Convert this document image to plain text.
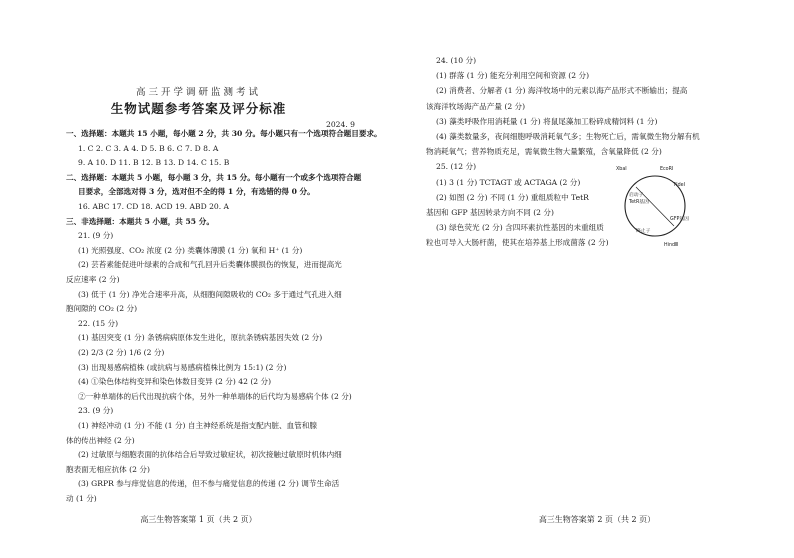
高三开学调研监测考试
生物试题参考答案及评分标准
2024. 9
一、选择题：本题共 15 小题，每小题 2 分，共 30 分。每小题只有一个选项符合题目要求。
1. C 2. C 3. A 4. D 5. B 6. C 7. D 8. A
9. A 10. D 11. B 12. B 13. D 14. C 15. B
二、选择题：本题共 5 小题，每小题 3 分，共 15 分。每小题有一个或多个选项符合题
目要求，全部选对得 3 分，选对但不全的得 1 分，有选错的得 0 分。
16. ABC 17. CD 18. ACD 19. ABD 20. A
三、非选择题：本题共 5 小题，共 55 分。
21. (9 分)
(1) 光照强度、CO₂ 浓度 (2 分) 类囊体薄膜 (1 分) 氧和 H⁺ (1 分)
(2) 芸苔素能促进叶绿素的合成和气孔回升后类囊体膜损伤的恢复，进而提高光
反应速率 (2 分)
(3) 低于 (1 分) 净光合速率升高，从细胞间隙吸收的 CO₂ 多于通过气孔进入细
胞间隙的 CO₂ (2 分)
22. (15 分)
(1) 基因突变 (1 分) 条锈病病原体发生进化，原抗条锈病基因失效 (2 分)
(2) 2/3 (2 分) 1/6 (2 分)
(3) 出现易感病植株 (或抗病与易感病植株比例为 15:1) (2 分)
(4) ①染色体结构变异和染色体数目变异 (2 分) 42 (2 分)
②一种单端体的后代出现抗病个体，另外一种单端体的后代均为易感病个体 (2 分)
23. (9 分)
(1) 神经冲动 (1 分) 不能 (1 分) 自主神经系统是指支配内脏、血管和腺
体的传出神经 (2 分)
(2) 过敏原与细胞表面的抗体结合后导致过敏症状，初次接触过敏原时机体内细
胞表面无相应抗体 (2 分)
(3) GRPR 参与痒觉信息的传递，但不参与痛觉信息的传递 (2 分) 调节生命活
动 (1 分)
高三生物答案第 1 页（共 2 页）
24. (10 分)
(1) 群落 (1 分) 能充分利用空间和资源 (2 分)
(2) 消费者、分解者 (1 分) 海洋牧场中的元素以海产品形式不断输出；提高
该海洋牧场海产品产量 (2 分)
(3) 藻类呼吸作用消耗量 (1 分) 将鼠尾藻加工粉碎成精饲料 (1 分)
(4) 藻类数量多，夜间细胞呼吸消耗氧气多；生物死亡后，需氧微生物分解有机
物消耗氧气；营养物质充足，需氧微生物大量繁殖，含氧量降低 (2 分)
25. (12 分)
(1) 3 (1 分) TCTAGT 或 ACTAGA (2 分)
(2) 如图 (2 分) 不同 (1 分) 重组质粒中 TetR
基因和 GFP 基因转录方向不同 (2 分)
(3) 绿色荧光 (2 分) 含四环素抗性基因的未重组质
粒也可导入大肠杆菌，使其在培养基上形成菌落 (2 分)
XbaⅠ	EcoRⅠ
NdeⅠ
启动子
TetR基因
GFP基因
HindⅢ
终止子
高三生物答案第 2 页（共 2 页）
